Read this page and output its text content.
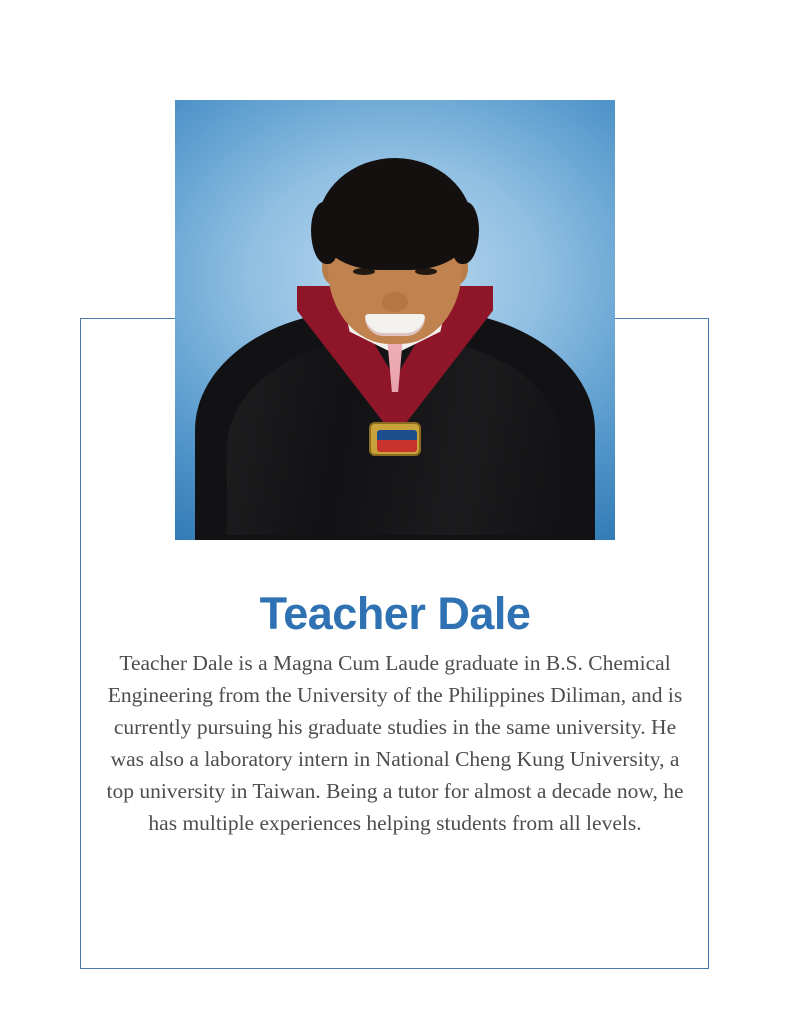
Teacher Dale

Teacher Dale is a Magna Cum Laude graduate in B.S. Chemical Engineering from the University of the Philippines Diliman, and is currently pursuing his graduate studies in the same university. He was also a laboratory intern in National Cheng Kung University, a top university in Taiwan. Being a tutor for almost a decade now, he has multiple experiences helping students from all levels.
